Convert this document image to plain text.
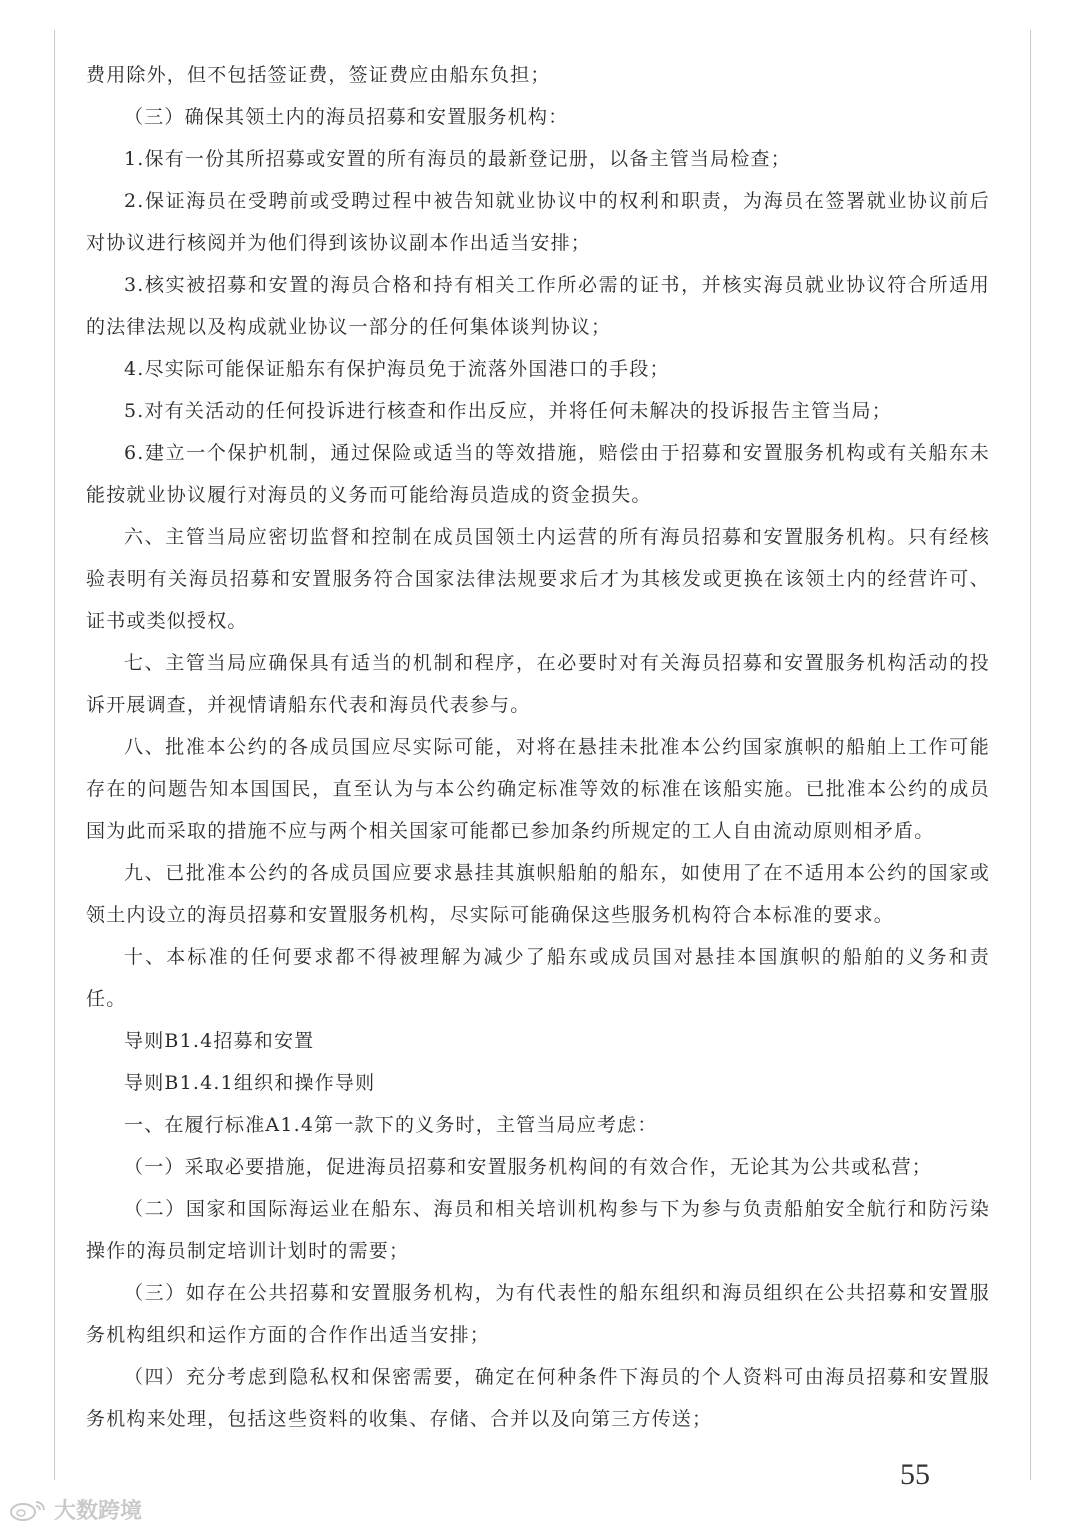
费用除外，但不包括签证费，签证费应由船东负担；

（三）确保其领土内的海员招募和安置服务机构：

1.保有一份其所招募或安置的所有海员的最新登记册，以备主管当局检查；

2.保证海员在受聘前或受聘过程中被告知就业协议中的权利和职责，为海员在签署就业协议前后对协议进行核阅并为他们得到该协议副本作出适当安排；

3.核实被招募和安置的海员合格和持有相关工作所必需的证书，并核实海员就业协议符合所适用的法律法规以及构成就业协议一部分的任何集体谈判协议；

4.尽实际可能保证船东有保护海员免于流落外国港口的手段；

5.对有关活动的任何投诉进行核查和作出反应，并将任何未解决的投诉报告主管当局；

6.建立一个保护机制，通过保险或适当的等效措施，赔偿由于招募和安置服务机构或有关船东未能按就业协议履行对海员的义务而可能给海员造成的资金损失。

六、主管当局应密切监督和控制在成员国领土内运营的所有海员招募和安置服务机构。只有经核验表明有关海员招募和安置服务符合国家法律法规要求后才为其核发或更换在该领土内的经营许可、证书或类似授权。

七、主管当局应确保具有适当的机制和程序，在必要时对有关海员招募和安置服务机构活动的投诉开展调查，并视情请船东代表和海员代表参与。

八、批准本公约的各成员国应尽实际可能，对将在悬挂未批准本公约国家旗帜的船舶上工作可能存在的问题告知本国国民，直至认为与本公约确定标准等效的标准在该船实施。已批准本公约的成员国为此而采取的措施不应与两个相关国家可能都已参加条约所规定的工人自由流动原则相矛盾。

九、已批准本公约的各成员国应要求悬挂其旗帜船舶的船东，如使用了在不适用本公约的国家或领土内设立的海员招募和安置服务机构，尽实际可能确保这些服务机构符合本标准的要求。

十、本标准的任何要求都不得被理解为减少了船东或成员国对悬挂本国旗帜的船舶的义务和责任。

导则B1.4招募和安置

导则B1.4.1组织和操作导则

一、在履行标准A1.4第一款下的义务时，主管当局应考虑：

（一）采取必要措施，促进海员招募和安置服务机构间的有效合作，无论其为公共或私营；

（二）国家和国际海运业在船东、海员和相关培训机构参与下为参与负责船舶安全航行和防污染操作的海员制定培训计划时的需要；

（三）如存在公共招募和安置服务机构，为有代表性的船东组织和海员组织在公共招募和安置服务机构组织和运作方面的合作作出适当安排；

（四）充分考虑到隐私权和保密需要，确定在何种条件下海员的个人资料可由海员招募和安置服务机构来处理，包括这些资料的收集、存储、合并以及向第三方传送；

55
大数跨境
